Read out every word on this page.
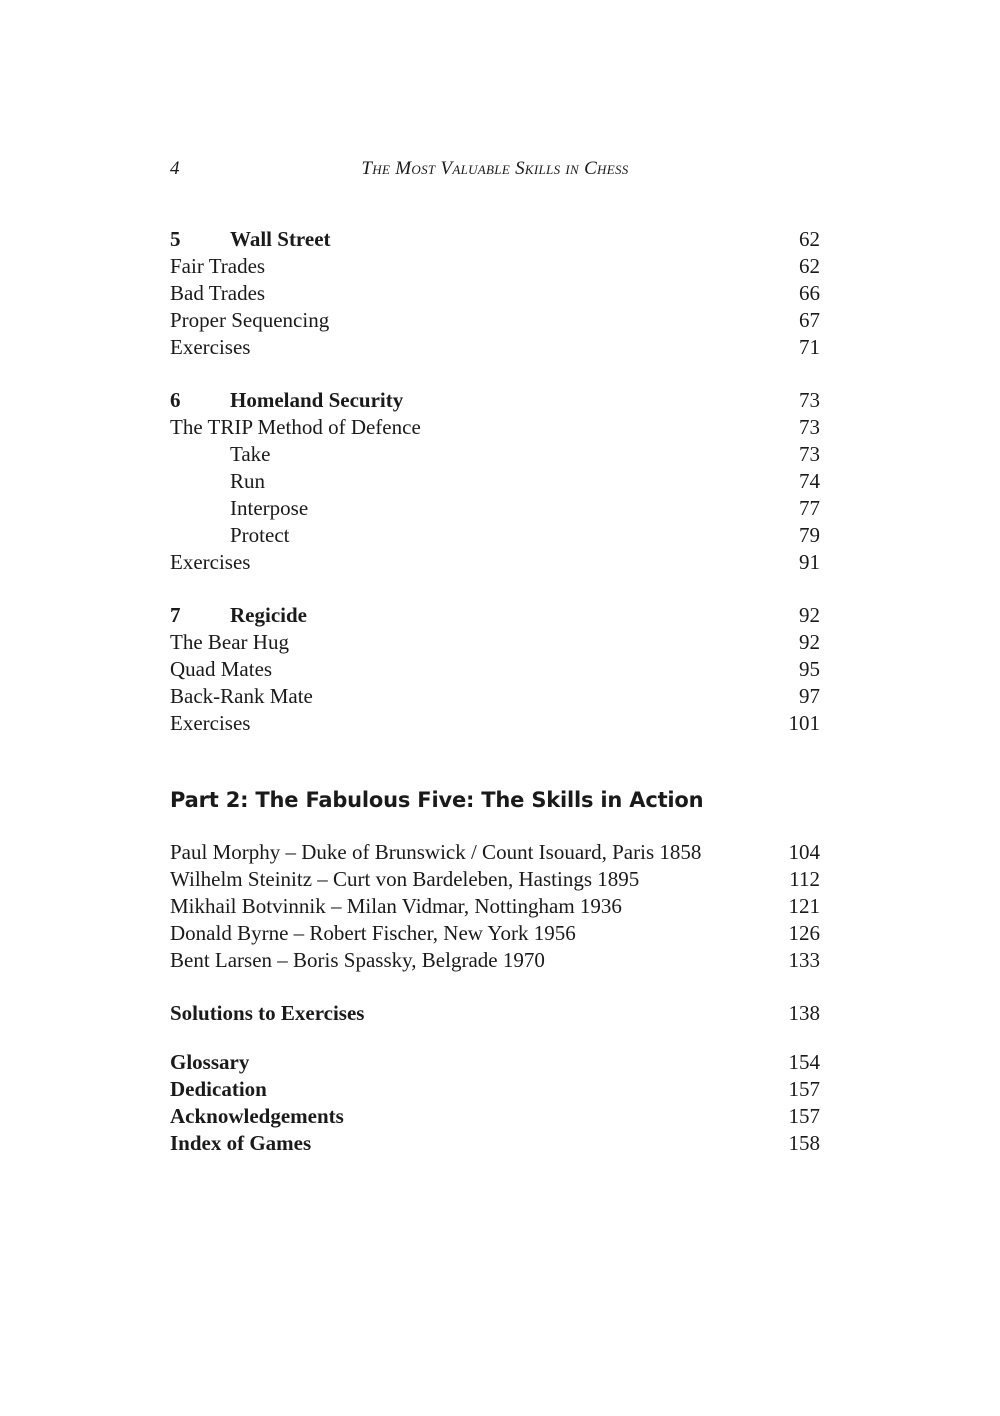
4	The Most Valuable Skills in Chess
5 Wall Street	62
Fair Trades	62
Bad Trades	66
Proper Sequencing	67
Exercises	71
6 Homeland Security	73
The TRIP Method of Defence	73
Take	73
Run	74
Interpose	77
Protect	79
Exercises	91
7 Regicide	92
The Bear Hug	92
Quad Mates	95
Back-Rank Mate	97
Exercises	101
Part 2: The Fabulous Five: The Skills in Action
Paul Morphy – Duke of Brunswick / Count Isouard, Paris 1858	104
Wilhelm Steinitz – Curt von Bardeleben, Hastings 1895	112
Mikhail Botvinnik – Milan Vidmar, Nottingham 1936	121
Donald Byrne – Robert Fischer, New York 1956	126
Bent Larsen – Boris Spassky, Belgrade 1970	133
Solutions to Exercises	138
Glossary	154
Dedication	157
Acknowledgements	157
Index of Games	158
